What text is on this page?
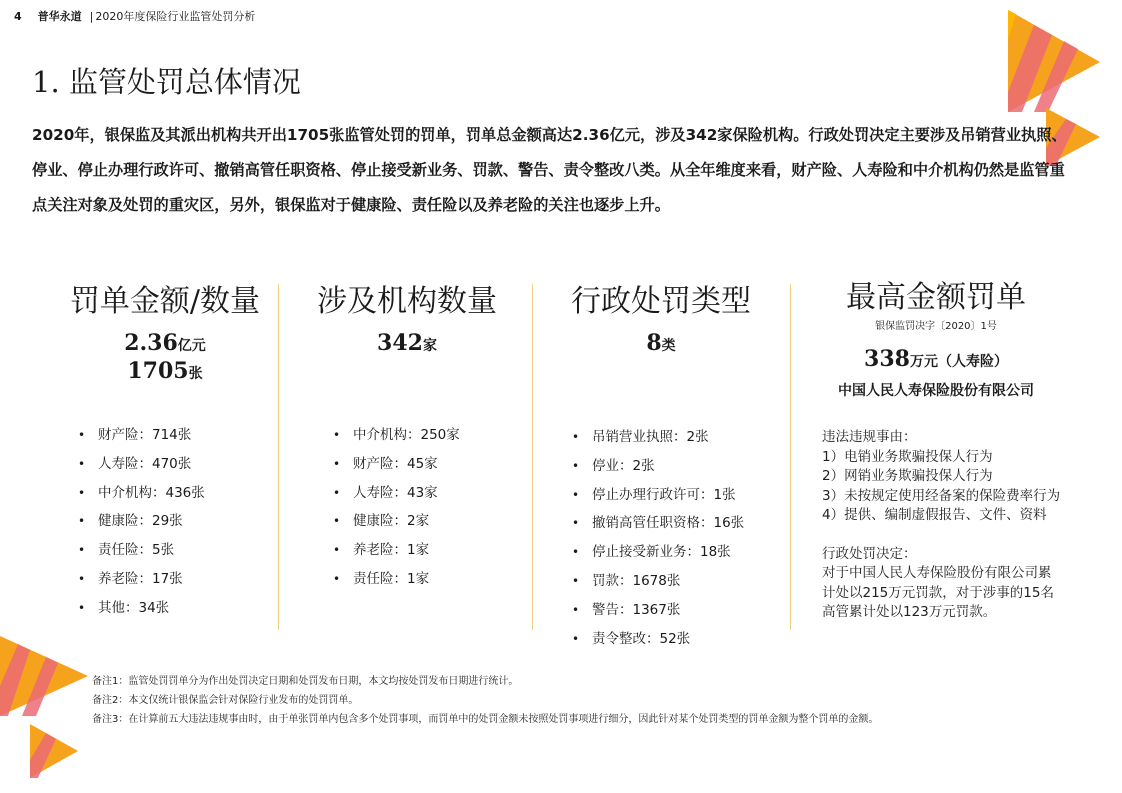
4 普华永道 | 2020年度保险行业监管处罚分析
1. 监管处罚总体情况
2020年，银保监及其派出机构共开出1705张监管处罚的罚单，罚单总金额高达2.36亿元，涉及342家保险机构。行政处罚决定主要涉及吊销营业执照、停业、停止办理行政许可、撤销高管任职资格、停止接受新业务、罚款、警告、责令整改八类。从全年维度来看，财产险、人寿险和中介机构仍然是监管重点关注对象及处罚的重灾区，另外，银保监对于健康险、责任险以及养老险的关注也逐步上升。
罚单金额/数量
2.36亿元
1705张
• 财产险：714张
• 人寿险：470张
• 中介机构：436张
• 健康险：29张
• 责任险：5张
• 养老险：17张
• 其他：34张
涉及机构数量
342家
• 中介机构：250家
• 财产险：45家
• 人寿险：43家
• 健康险：2家
• 养老险：1家
• 责任险：1家
行政处罚类型
8类
• 吊销营业执照：2张
• 停业：2张
• 停止办理行政许可：1张
• 撤销高管任职资格：16张
• 停止接受新业务：18张
• 罚款：1678张
• 警告：1367张
• 责令整改：52张
最高金额罚单
银保监罚决字〔2020〕1号
338万元（人寿险）
中国人民人寿保险股份有限公司

违法违规事由：

1）电销业务欺骗投保人行为

2）网销业务欺骗投保人行为

3）未按规定使用经备案的保险费率行为

4）提供、编制虚假报告、文件、资料

行政处罚决定：

对于中国人民人寿保险股份有限公司累计处以215万元罚款，对于涉事的15名高管累计处以123万元罚款。

备注1：监管处罚罚单分为作出处罚决定日期和处罚发布日期，本文均按处罚发布日期进行统计。
备注2：本文仅统计银保监会针对保险行业发布的处罚罚单。
备注3：在计算前五大违法违规事由时，由于单张罚单内包含多个处罚事项，而罚单中的处罚金额未按照处罚事项进行细分，因此针对某个处罚类型的罚单金额为整个罚单的金额。
